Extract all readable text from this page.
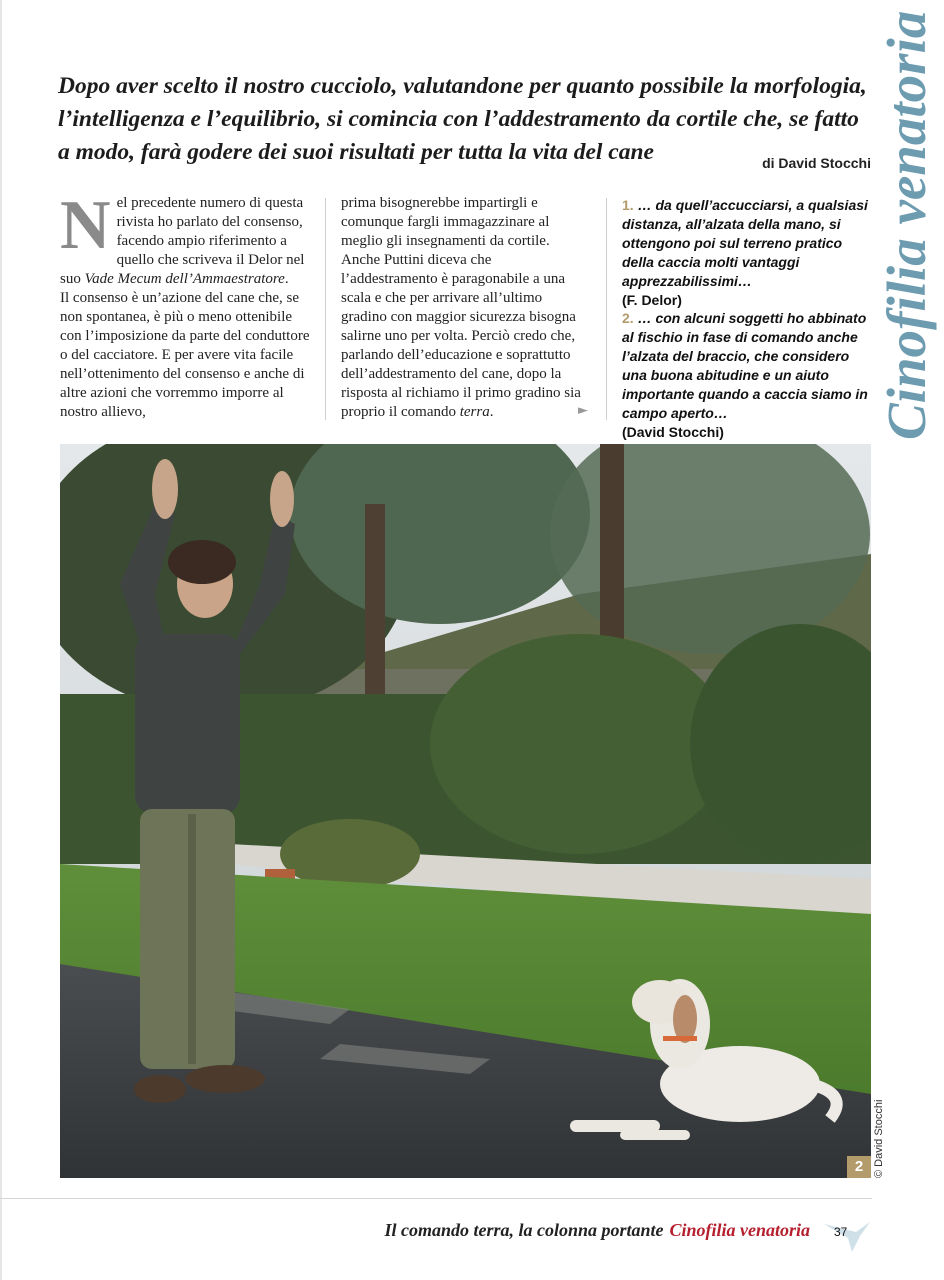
Dopo aver scelto il nostro cucciolo, valutandone per quanto possibile la morfologia, l’intelligenza e l’equilibrio, si comincia con l’addestramento da cortile che, se fatto a modo, farà godere dei suoi risultati per tutta la vita del cane	di David Stocchi Cinofilia venatoria
N el precedente numero di questa rivista ho parlato del consenso, facendo ampio riferimento a quello che scriveva il Delor nel suo Vade Mecum dell’Ammaestratore.

Il consenso è un’azione del cane che, se non spontanea, è più o meno ottenibile con l’imposizione da parte del conduttore o del cacciatore. E per avere vita facile nell’ottenimento del consenso e anche di altre azioni che vorremmo imporre al nostro allievo,

prima bisognerebbe impartirgli e comunque fargli immagazzinare al meglio gli insegnamenti da cortile. Anche Puttini diceva che l’addestramento è paragonabile a una scala e che per arrivare all’ultimo gradino con maggior sicurezza bisogna salirne uno per volta. Perciò credo che, parlando dell’educazione e soprattutto dell’addestramento del cane, dopo la risposta al richiamo il primo gradino sia proprio il comando terra.	►
1. … da quell’accucciarsi, a qualsiasi distanza, all’alzata della mano, si ottengono poi sul terreno pratico della caccia molti vantaggi apprezzabilissimi…
(F. Delor)
2. … con alcuni soggetti ho abbinato al fischio in fase di comando anche l’alzata del braccio, che considero una buona abitudine e un aiuto importante quando a caccia siamo in campo aperto…
(David Stocchi)
2 © David Stocchi
Il comando terra, la colonna portante Cinofilia venatoria 37
